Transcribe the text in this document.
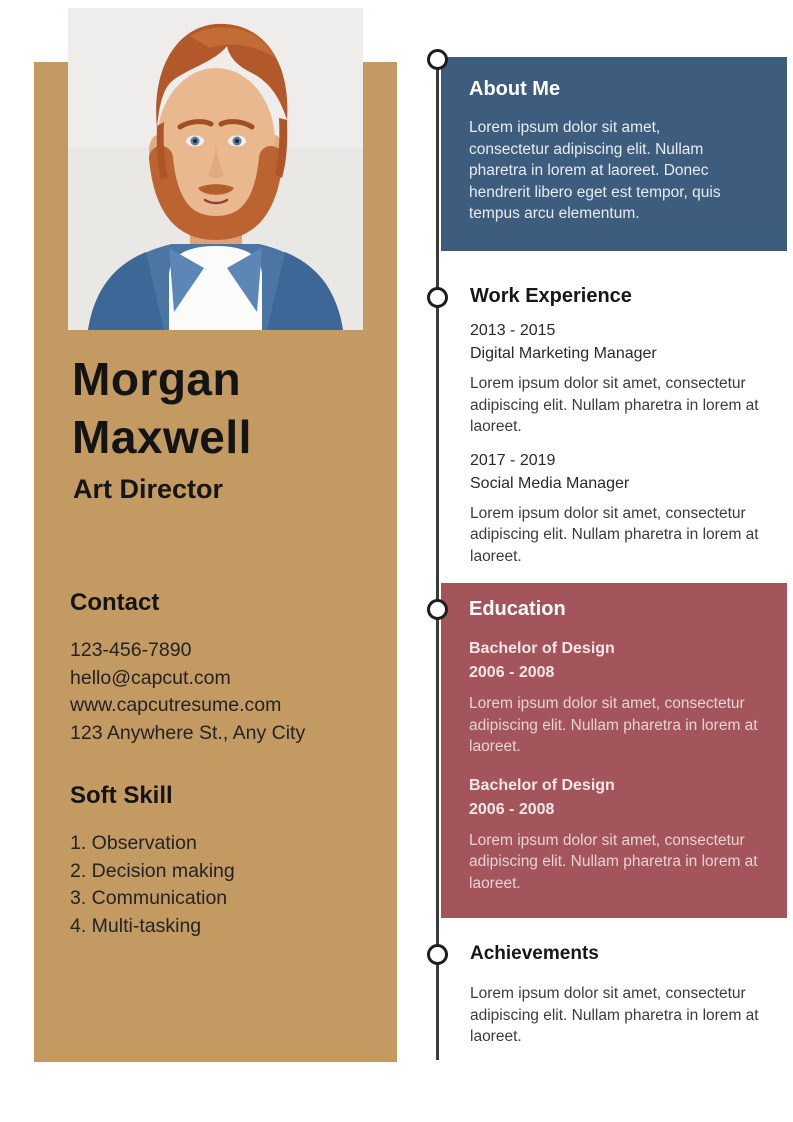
Morgan
Maxwell
Art Director
Contact
123-456-7890
hello@capcut.com
www.capcutresume.com
123 Anywhere St., Any City
Soft Skill
1. Observation
2. Decision making
3. Communication
4. Multi-tasking
About Me

Lorem ipsum dolor sit amet, consectetur adipiscing elit. Nullam pharetra in lorem at laoreet. Donec hendrerit libero eget est tempor, quis tempus arcu elementum.

Work Experience
2013 - 2015
Digital Marketing Manager

Lorem ipsum dolor sit amet, consectetur adipiscing elit. Nullam pharetra in lorem at laoreet.

2017 - 2019
Social Media Manager

Lorem ipsum dolor sit amet, consectetur adipiscing elit. Nullam pharetra in lorem at laoreet.

Education
Bachelor of Design
2006 - 2008

Lorem ipsum dolor sit amet, consectetur adipiscing elit. Nullam pharetra in lorem at laoreet.

Bachelor of Design
2006 - 2008

Lorem ipsum dolor sit amet, consectetur adipiscing elit. Nullam pharetra in lorem at laoreet.

Achievements

Lorem ipsum dolor sit amet, consectetur adipiscing elit. Nullam pharetra in lorem at laoreet.
